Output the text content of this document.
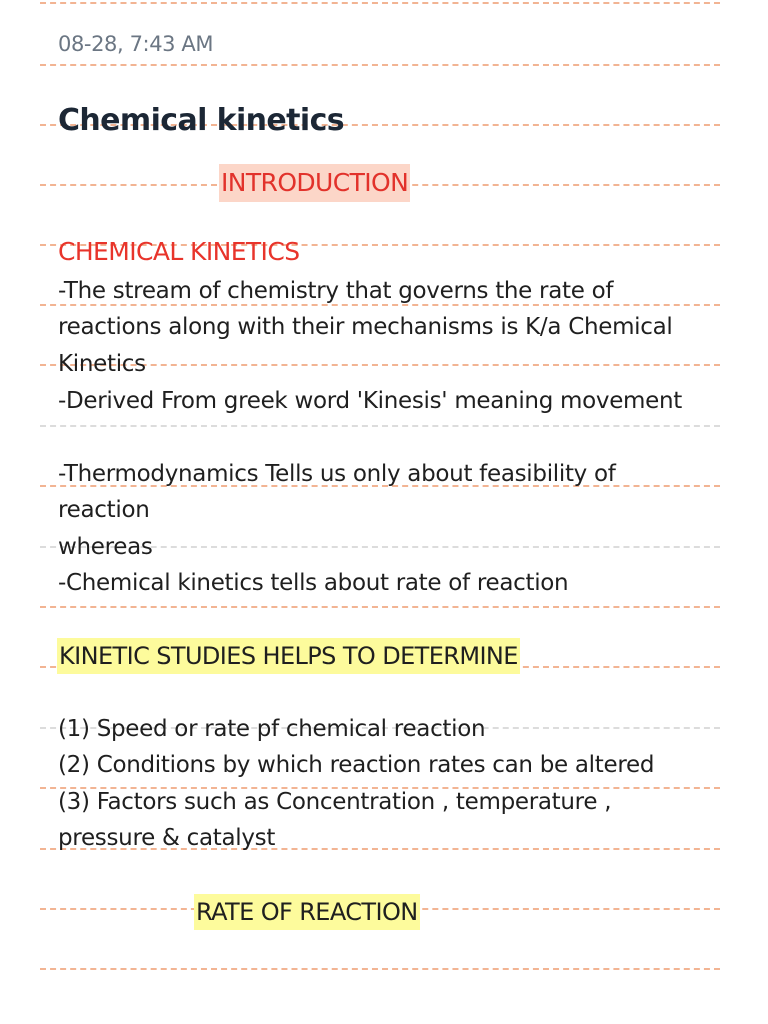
08-28, 7:43 AM
Chemical kinetics
INTRODUCTION
CHEMICAL KINETICS
-The stream of chemistry that governs the rate of
reactions along with their mechanisms is K/a Chemical
Kinetics
-Derived From greek word 'Kinesis' meaning movement
-Thermodynamics Tells us only about feasibility of
reaction
whereas
-Chemical kinetics tells about rate of reaction
KINETIC STUDIES HELPS TO DETERMINE
(1) Speed or rate pf chemical reaction
(2) Conditions by which reaction rates can be altered
(3) Factors such as Concentration , temperature ,
pressure & catalyst
RATE OF REACTION
